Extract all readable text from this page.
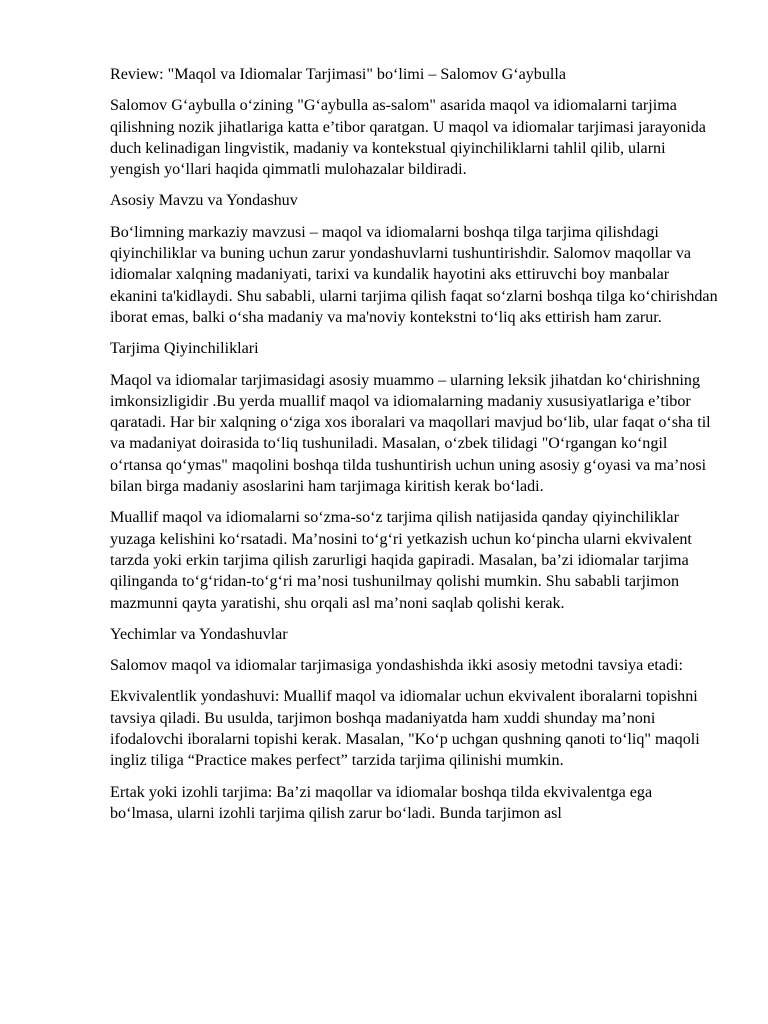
Review: "Maqol va Idiomalar Tarjimasi" bo‘limi – Salomov G‘aybulla

Salomov G‘aybulla o‘zining "G‘aybulla as-salom" asarida maqol va idiomalarni tarjima qilishning nozik jihatlariga katta e’tibor qaratgan. U maqol va idiomalar tarjimasi jarayonida duch kelinadigan lingvistik, madaniy va kontekstual qiyinchiliklarni tahlil qilib, ularni yengish yo‘llari haqida qimmatli mulohazalar bildiradi.

Asosiy Mavzu va Yondashuv

Bo‘limning markaziy mavzusi – maqol va idiomalarni boshqa tilga tarjima qilishdagi qiyinchiliklar va buning uchun zarur yondashuvlarni tushuntirishdir. Salomov maqollar va idiomalar xalqning madaniyati, tarixi va kundalik hayotini aks ettiruvchi boy manbalar ekanini ta'kidlaydi. Shu sababli, ularni tarjima qilish faqat so‘zlarni boshqa tilga ko‘chirishdan iborat emas, balki o‘sha madaniy va ma'noviy kontekstni to‘liq aks ettirish ham zarur.

Tarjima Qiyinchiliklari

Maqol va idiomalar tarjimasidagi asosiy muammo – ularning leksik jihatdan ko‘chirishning imkonsizligidir .Bu yerda muallif maqol va idiomalarning madaniy xususiyatlariga e’tibor qaratadi. Har bir xalqning o‘ziga xos iboralari va maqollari mavjud bo‘lib, ular faqat o‘sha til va madaniyat doirasida to‘liq tushuniladi. Masalan, o‘zbek tilidagi "O‘rgangan ko‘ngil o‘rtansa qo‘ymas" maqolini boshqa tilda tushuntirish uchun uning asosiy g‘oyasi va ma’nosi bilan birga madaniy asoslarini ham tarjimaga kiritish kerak bo‘ladi.

Muallif maqol va idiomalarni so‘zma-so‘z tarjima qilish natijasida qanday qiyinchiliklar yuzaga kelishini ko‘rsatadi. Ma’nosini to‘g‘ri yetkazish uchun ko‘pincha ularni ekvivalent tarzda yoki erkin tarjima qilish zarurligi haqida gapiradi. Masalan, ba’zi idiomalar tarjima qilinganda to‘g‘ridan-to‘g‘ri ma’nosi tushunilmay qolishi mumkin. Shu sababli tarjimon mazmunni qayta yaratishi, shu orqali asl ma’noni saqlab qolishi kerak.

Yechimlar va Yondashuvlar

Salomov maqol va idiomalar tarjimasiga yondashishda ikki asosiy metodni tavsiya etadi:

Ekvivalentlik yondashuvi: Muallif maqol va idiomalar uchun ekvivalent iboralarni topishni tavsiya qiladi. Bu usulda, tarjimon boshqa madaniyatda ham xuddi shunday ma’noni ifodalovchi iboralarni topishi kerak. Masalan, "Ko‘p uchgan qushning qanoti to‘liq" maqoli ingliz tiliga “Practice makes perfect” tarzida tarjima qilinishi mumkin.

Ertak yoki izohli tarjima: Ba’zi maqollar va idiomalar boshqa tilda ekvivalentga ega bo‘lmasa, ularni izohli tarjima qilish zarur bo‘ladi. Bunda tarjimon asl
